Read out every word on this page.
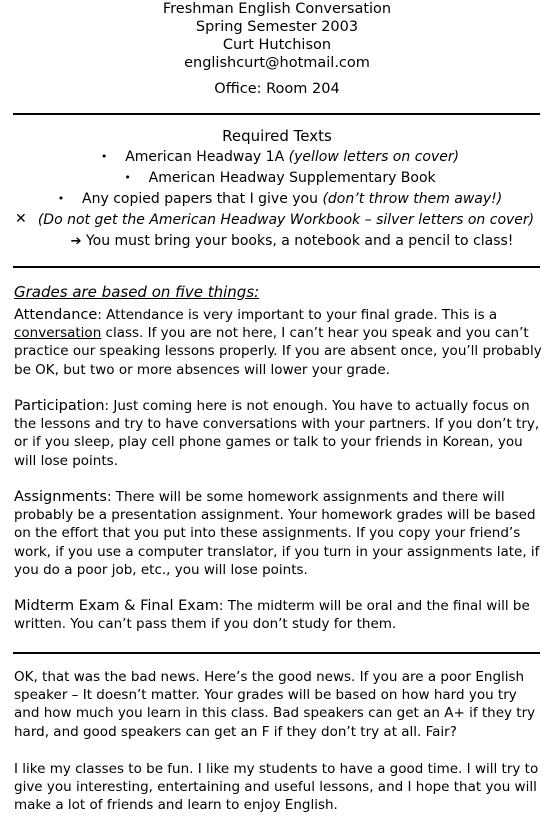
Freshman English Conversation
Spring Semester 2003
Curt Hutchison
englishcurt@hotmail.com
Office: Room 204
Required Texts
• American Headway 1A (yellow letters on cover)
• American Headway Supplementary Book
• Any copied papers that I give you (don’t throw them away!)
(Do not get the American Headway Workbook – silver letters on cover)
➔ You must bring your books, a notebook and a pencil to class!
✕
Grades are based on five things:
Attendance: Attendance is very important to your final grade. This is a conversation class. If you are not here, I can’t hear you speak and you can’t practice our speaking lessons properly. If you are absent once, you’ll probably be OK, but two or more absences will lower your grade.
Participation: Just coming here is not enough. You have to actually focus on the lessons and try to have conversations with your partners. If you don’t try, or if you sleep, play cell phone games or talk to your friends in Korean, you will lose points.
Assignments: There will be some homework assignments and there will probably be a presentation assignment. Your homework grades will be based on the effort that you put into these assignments. If you copy your friend’s work, if you use a computer translator, if you turn in your assignments late, if you do a poor job, etc., you will lose points.
Midterm Exam & Final Exam: The midterm will be oral and the final will be written. You can’t pass them if you don’t study for them.
OK, that was the bad news. Here’s the good news. If you are a poor English speaker – It doesn’t matter. Your grades will be based on how hard you try and how much you learn in this class. Bad speakers can get an A+ if they try hard, and good speakers can get an F if they don’t try at all. Fair?
I like my classes to be fun. I like my students to have a good time. I will try to give you interesting, entertaining and useful lessons, and I hope that you will make a lot of friends and learn to enjoy English.
